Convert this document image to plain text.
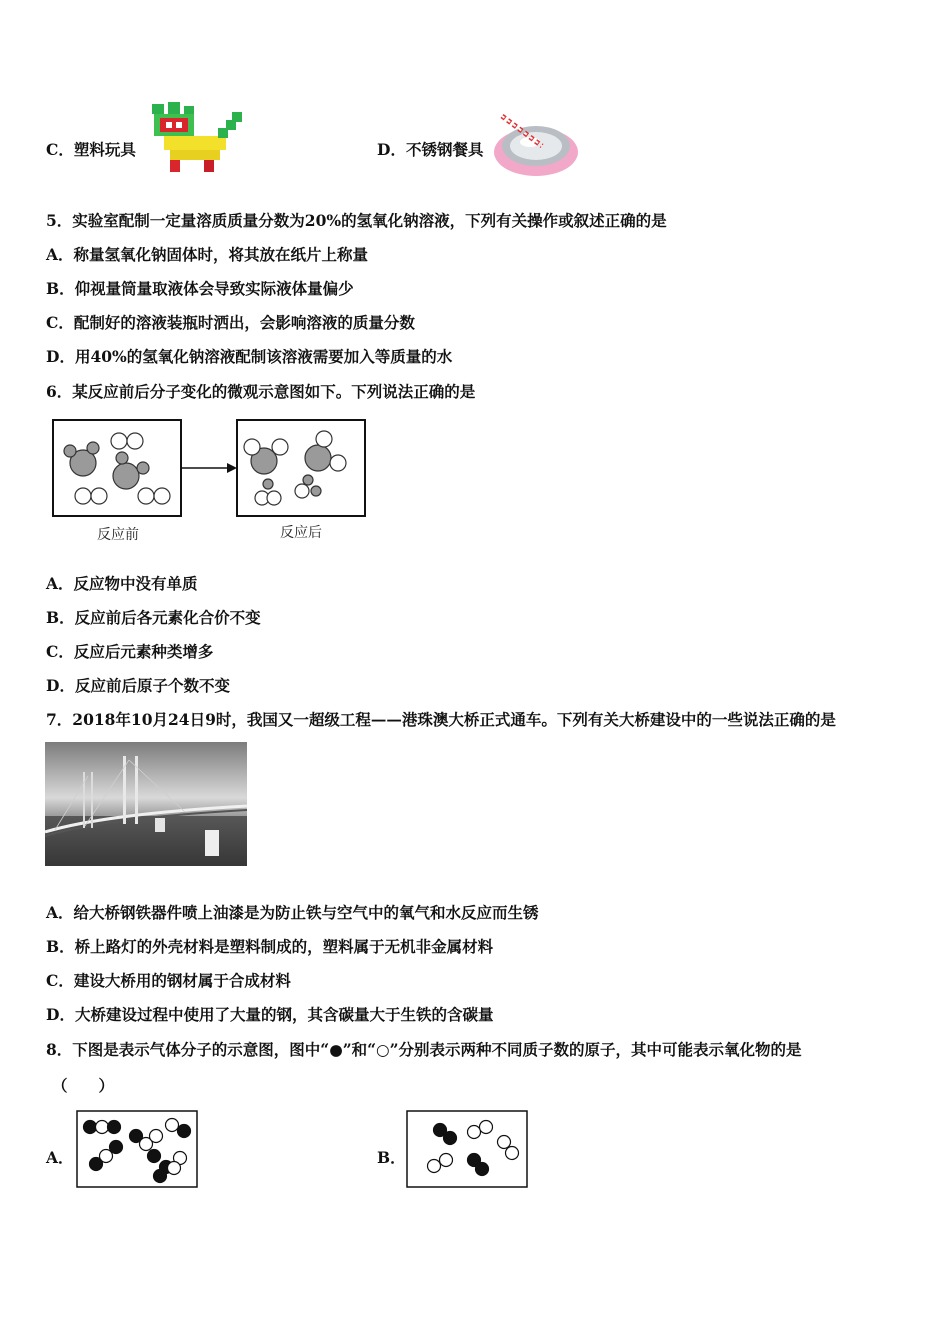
C．塑料玩具	D．不锈钢餐具
5．实验室配制一定量溶质质量分数为20%的氢氧化钠溶液，下列有关操作或叙述正确的是
A．称量氢氧化钠固体时，将其放在纸片上称量
B．仰视量筒量取液体会导致实际液体量偏少
C．配制好的溶液装瓶时洒出，会影响溶液的质量分数
D．用40%的氢氧化钠溶液配制该溶液需要加入等质量的水
6．某反应前后分子变化的微观示意图如下。下列说法正确的是
反应前	反应后
A．反应物中没有单质
B．反应前后各元素化合价不变
C．反应后元素种类增多
D．反应前后原子个数不变
7．2018年10月24日9时，我国又一超级工程——港珠澳大桥正式通车。下列有关大桥建设中的一些说法正确的是
A．给大桥钢铁器件喷上油漆是为防止铁与空气中的氧气和水反应而生锈
B．桥上路灯的外壳材料是塑料制成的，塑料属于无机非金属材料
C．建设大桥用的钢材属于合成材料
D．大桥建设过程中使用了大量的钢，其含碳量大于生铁的含碳量
8．下图是表示气体分子的示意图，图中“●”和“○”分别表示两种不同质子数的原子，其中可能表示氧化物的是
（　　）
A．	B．
